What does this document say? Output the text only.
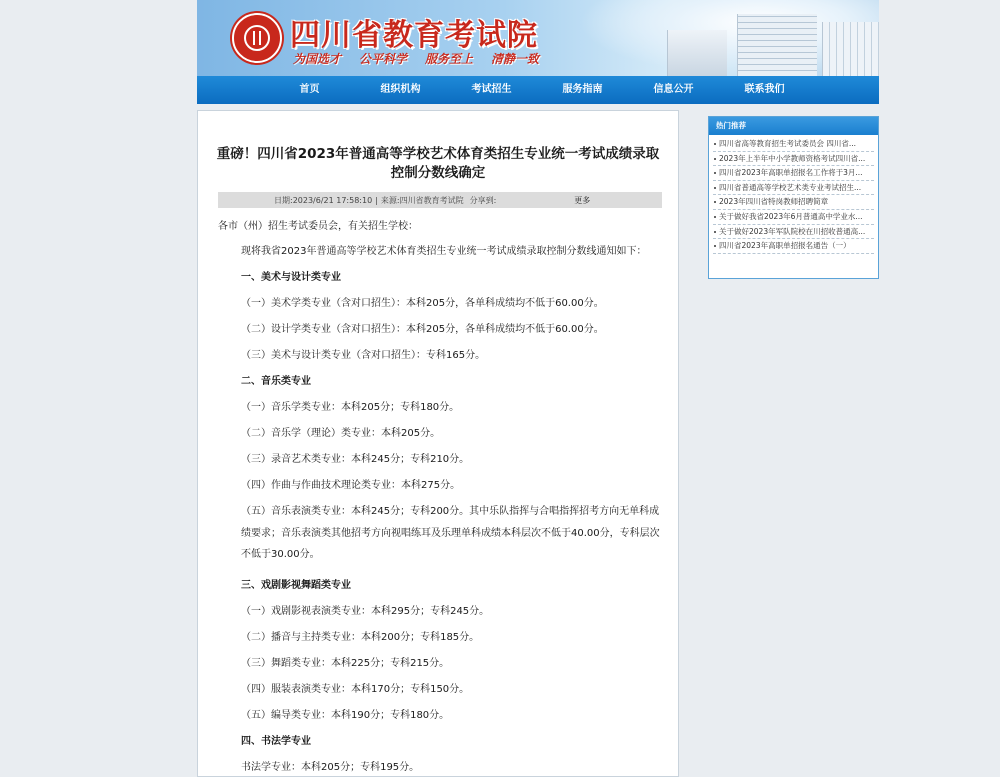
四川省教育考试院
为国选才 公平科学 服务至上 清静一致
首页	组织机构	考试招生	服务指南	信息公开	联系我们
重磅！四川省2023年普通高等学校艺术体育类招生专业统一考试成绩录取控制分数线确定
日期:2023/6/21 17:58:10 | 来源:四川省教育考试院 分享到:	更多

各市（州）招生考试委员会，有关招生学校：

现将我省2023年普通高等学校艺术体育类招生专业统一考试成绩录取控制分数线通知如下：

一、美术与设计类专业

（一）美术学类专业（含对口招生）：本科205分，各单科成绩均不低于60.00分。

（二）设计学类专业（含对口招生）：本科205分，各单科成绩均不低于60.00分。

（三）美术与设计类专业（含对口招生）：专科165分。

二、音乐类专业

（一）音乐学类专业：本科205分；专科180分。

（二）音乐学（理论）类专业：本科205分。

（三）录音艺术类专业：本科245分；专科210分。

（四）作曲与作曲技术理论类专业：本科275分。

（五）音乐表演类专业：本科245分；专科200分。其中乐队指挥与合唱指挥招考方向无单科成绩要求；音乐表演类其他招考方向视唱练耳及乐理单科成绩本科层次不低于40.00分，专科层次不低于30.00分。

三、戏剧影视舞蹈类专业

（一）戏剧影视表演类专业：本科295分；专科245分。

（二）播音与主持类专业：本科200分；专科185分。

（三）舞蹈类专业：本科225分；专科215分。

（四）服装表演类专业：本科170分；专科150分。

（五）编导类专业：本科190分；专科180分。

四、书法学专业

书法学专业：本科205分；专科195分。

热门推荐
四川省高等教育招生考试委员会 四川省...
2023年上半年中小学教师资格考试四川省...
四川省2023年高职单招报名工作将于3月...
四川省普通高等学校艺术类专业考试招生...
2023年四川省特岗教师招聘简章
关于做好我省2023年6月普通高中学业水...
关于做好2023年军队院校在川招收普通高...
四川省2023年高职单招报名通告（一）
